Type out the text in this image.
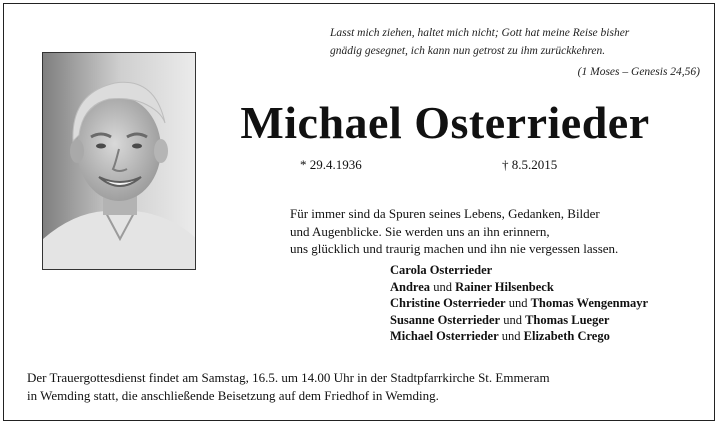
Lasst mich ziehen, haltet mich nicht; Gott hat meine Reise bisher
gnädig gesegnet, ich kann nun getrost zu ihm zurückkehren.
(1 Moses – Genesis 24,56)
Michael Osterrieder
* 29.4.1936	† 8.5.2015
Für immer sind da Spuren seines Lebens, Gedanken, Bilder
und Augenblicke. Sie werden uns an ihn erinnern,
uns glücklich und traurig machen und ihn nie vergessen lassen.
Carola Osterrieder
Andrea und Rainer Hilsenbeck
Christine Osterrieder und Thomas Wengenmayr
Susanne Osterrieder und Thomas Lueger
Michael Osterrieder und Elizabeth Crego
Der Trauergottesdienst findet am Samstag, 16.5. um 14.00 Uhr in der Stadtpfarrkirche St. Emmeram
in Wemding statt, die anschließende Beisetzung auf dem Friedhof in Wemding.
